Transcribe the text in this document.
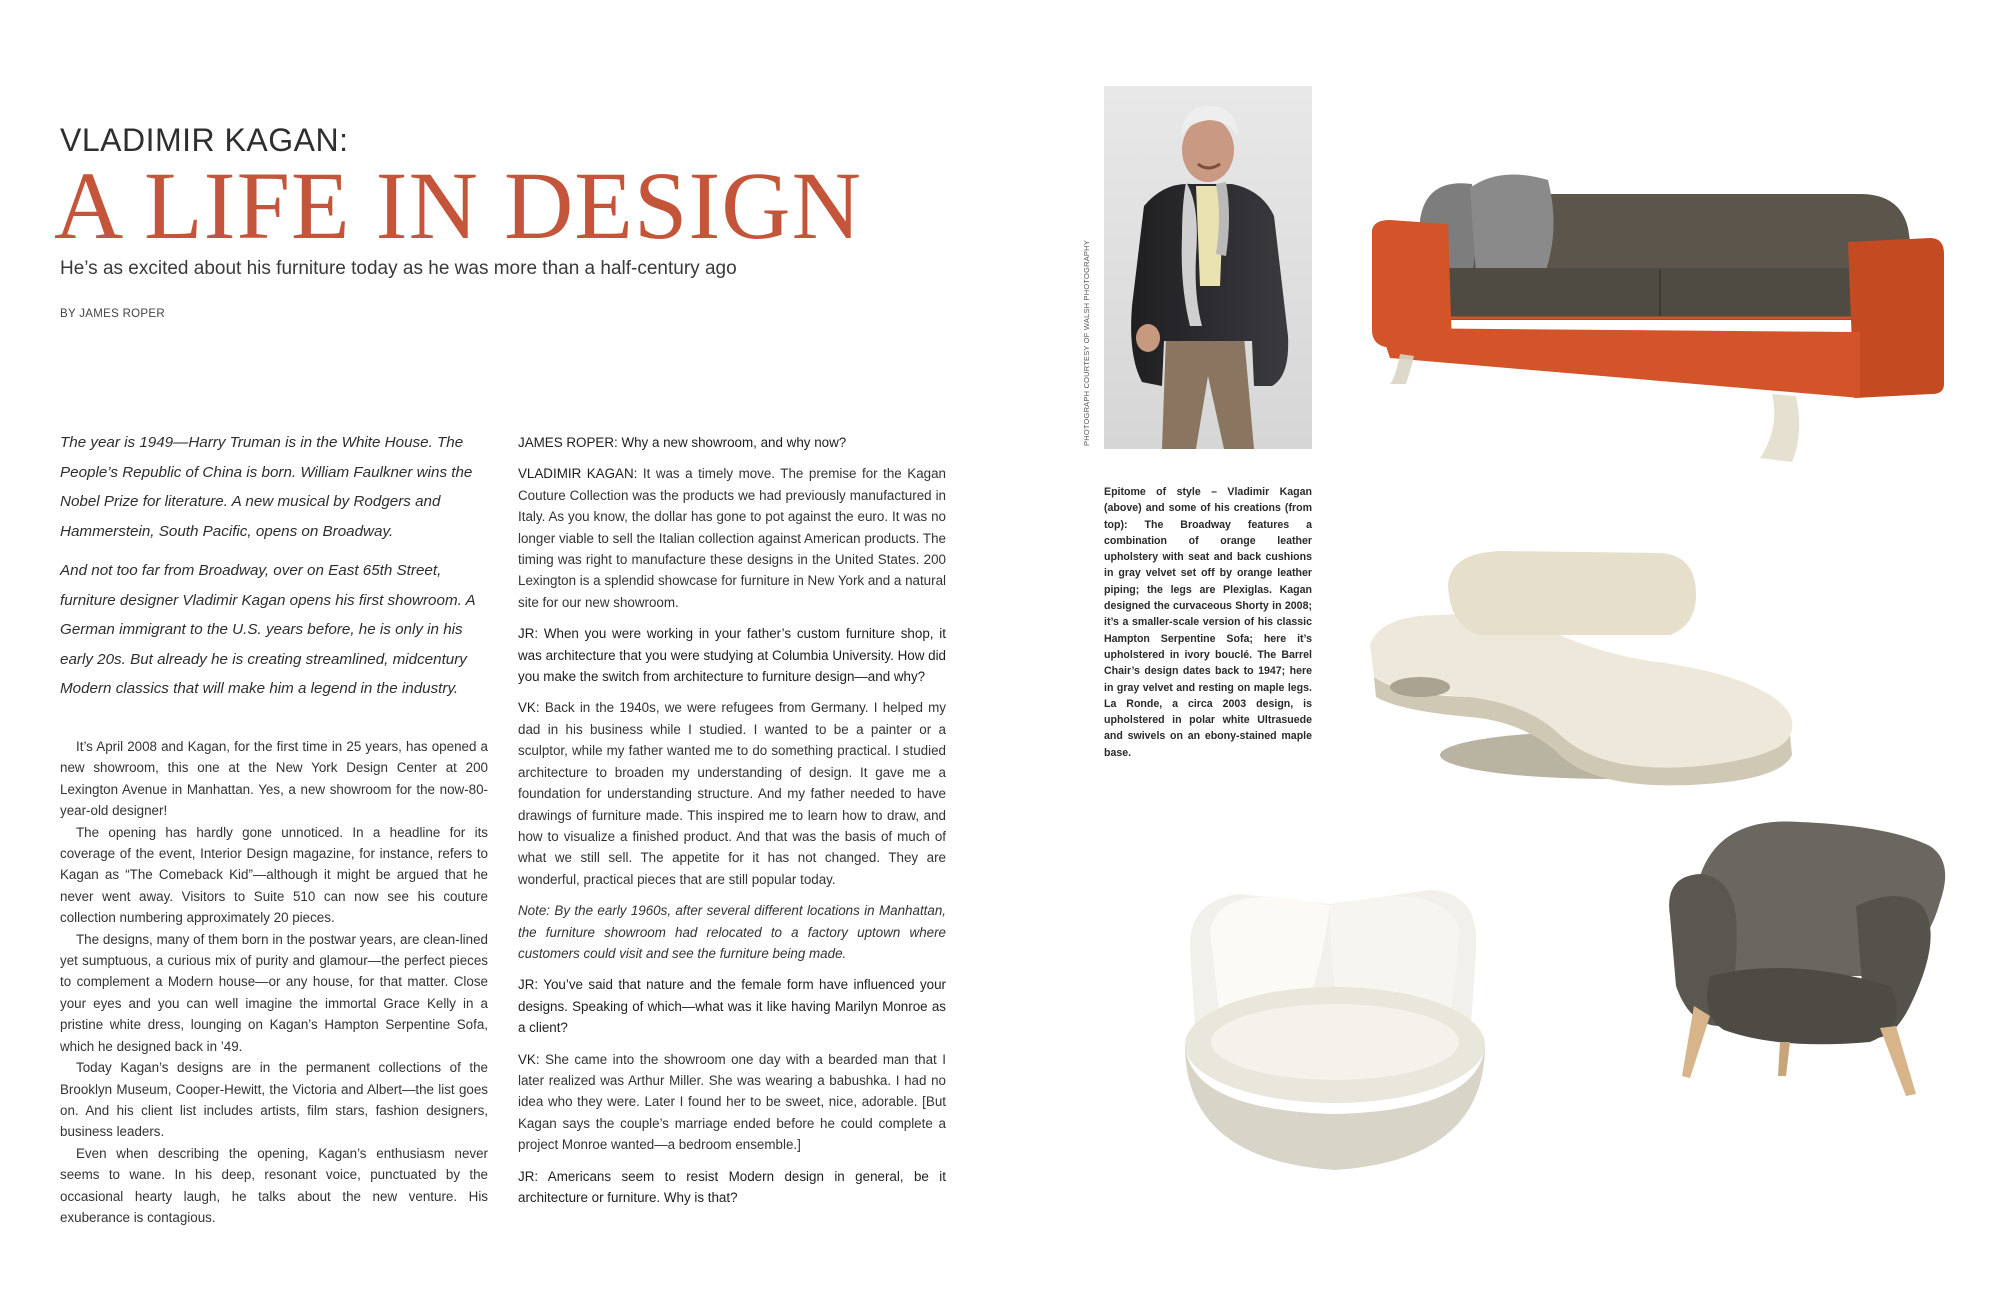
VLADIMIR KAGAN:
A LIFE IN DESIGN
He’s as excited about his furniture today as he was more than a half-century ago
BY JAMES ROPER

The year is 1949—Harry Truman is in the White House. The People’s Republic of China is born. William Faulkner wins the Nobel Prize for literature. A new musical by Rodgers and Hammerstein, South Pacific, opens on Broadway.

And not too far from Broadway, over on East 65th Street, furniture designer Vladimir Kagan opens his first showroom. A German immigrant to the U.S. years before, he is only in his early 20s. But already he is creating streamlined, midcentury Modern classics that will make him a legend in the industry.

It’s April 2008 and Kagan, for the first time in 25 years, has opened a new showroom, this one at the New York Design Center at 200 Lexington Avenue in Manhattan. Yes, a new showroom for the now-80-year-old designer!

The opening has hardly gone unnoticed. In a headline for its coverage of the event, Interior Design magazine, for instance, refers to Kagan as “The Comeback Kid”—although it might be argued that he never went away. Visitors to Suite 510 can now see his couture collection numbering approximately 20 pieces.

The designs, many of them born in the postwar years, are clean-lined yet sumptuous, a curious mix of purity and glamour—the perfect pieces to complement a Modern house—or any house, for that matter. Close your eyes and you can well imagine the immortal Grace Kelly in a pristine white dress, lounging on Kagan’s Hampton Serpentine Sofa, which he designed back in ’49.

Today Kagan’s designs are in the permanent collections of the Brooklyn Museum, Cooper-Hewitt, the Victoria and Albert—the list goes on. And his client list includes artists, film stars, fashion designers, business leaders.

Even when describing the opening, Kagan’s enthusiasm never seems to wane. In his deep, resonant voice, punctuated by the occasional hearty laugh, he talks about the new venture. His exuberance is contagious.

JAMES ROPER: Why a new showroom, and why now?

VLADIMIR KAGAN: It was a timely move. The premise for the Kagan Couture Collection was the products we had previously manufactured in Italy. As you know, the dollar has gone to pot against the euro. It was no longer viable to sell the Italian collection against American products. The timing was right to manufacture these designs in the United States. 200 Lexington is a splendid showcase for furniture in New York and a natural site for our new showroom.

JR: When you were working in your father’s custom furniture shop, it was architecture that you were studying at Columbia University. How did you make the switch from architecture to furniture design—and why?

VK: Back in the 1940s, we were refugees from Germany. I helped my dad in his business while I studied. I wanted to be a painter or a sculptor, while my father wanted me to do something practical. I studied architecture to broaden my understanding of design. It gave me a foundation for understanding structure. And my father needed to have drawings of furniture made. This inspired me to learn how to draw, and how to visualize a finished product. And that was the basis of much of what we still sell. The appetite for it has not changed. They are wonderful, practical pieces that are still popular today.

Note: By the early 1960s, after several different locations in Manhattan, the furniture showroom had relocated to a factory uptown where customers could visit and see the furniture being made.

JR: You’ve said that nature and the female form have influenced your designs. Speaking of which—what was it like having Marilyn Monroe as a client?

VK: She came into the showroom one day with a bearded man that I later realized was Arthur Miller. She was wearing a babushka. I had no idea who they were. Later I found her to be sweet, nice, adorable. [But Kagan says the couple’s marriage ended before he could complete a project Monroe wanted—a bedroom ensemble.]

JR: Americans seem to resist Modern design in general, be it architecture or furniture. Why is that?

PHOTOGRAPH COURTESY OF WALSH PHOTOGRAPHY
Epitome of style – Vladimir Kagan (above) and some of his creations (from top): The Broadway features a combination of orange leather upholstery with seat and back cushions in gray velvet set off by orange leather piping; the legs are Plexiglas. Kagan designed the curvaceous Shorty in 2008; it’s a smaller-scale version of his classic Hampton Serpentine Sofa; here it’s upholstered in ivory bouclé. The Barrel Chair’s design dates back to 1947; here in gray velvet and resting on maple legs. La Ronde, a circa 2003 design, is upholstered in polar white Ultrasuede and swivels on an ebony-stained maple base.
